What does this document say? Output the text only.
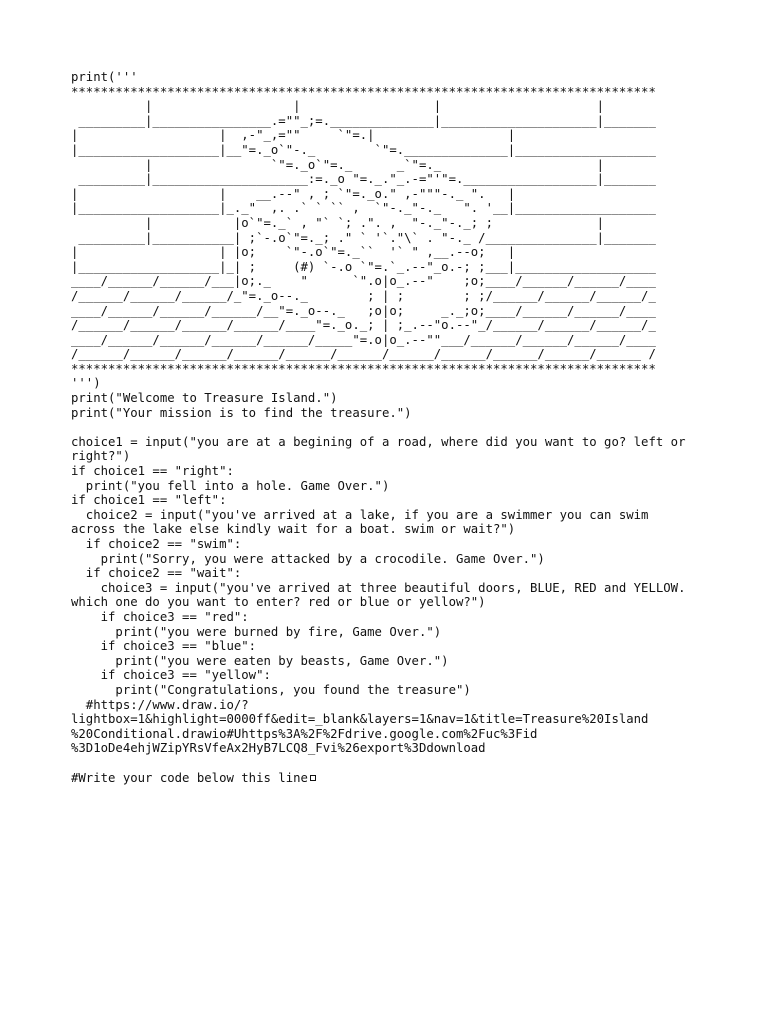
print('''
*******************************************************************************
|                   |                  |                     |
_________|________________.=""_;=.______________|_____________________|_______
|                   |  ,-"_,=""     `"=.|                  |
|___________________|__"=._o`"-._        `"=.______________|___________________
|                `"=._o`"=._      _`"=._                     |
_________|_____________________:=._o "=._."_.-="'"=.__________________|_______
|                   |    __.--" , ; `"=._o." ,-"""-._ ".   |
|___________________|_._"  ,. .` ` `` ,  `"-._"-._   ". '__|___________________
|           |o`"=._` , "` `; .". ,  "-._"-._; ;              |
_________|___________| ;`-.o`"=._; ." ` '`."\` . "-._ /_______________|_______
|                   | |o;    `"-.o`"=._``  '` " ,__.--o;   |
|___________________|_| ;     (#) `-.o `"=.`_.--"_o.-; ;___|___________________
____/______/______/___|o;._    "      `".o|o_.--"    ;o;____/______/______/____
/______/______/______/_"=._o--._        ; | ;        ; ;/______/______/______/_
____/______/______/______/__"=._o--._   ;o|o;     _._;o;____/______/______/____
/______/______/______/______/____"=._o._; | ;_.--"o.--"_/______/______/______/_
____/______/______/______/______/_____"=.o|o_.--""___/______/______/______/____
/______/______/______/______/______/______/______/______/______/______/______ /
*******************************************************************************
''')
print("Welcome to Treasure Island.")
print("Your mission is to find the treasure.")
choice1 = input("you are at a begining of a road, where did you want to go? left or
right?")
if choice1 == "right":
print("you fell into a hole. Game Over.")
if choice1 == "left":
choice2 = input("you've arrived at a lake, if you are a swimmer you can swim
across the lake else kindly wait for a boat. swim or wait?")
if choice2 == "swim":
print("Sorry, you were attacked by a crocodile. Game Over.")
if choice2 == "wait":
choice3 = input("you've arrived at three beautiful doors, BLUE, RED and YELLOW.
which one do you want to enter? red or blue or yellow?")
if choice3 == "red":
print("you were burned by fire, Game Over.")
if choice3 == "blue":
print("you were eaten by beasts, Game Over.")
if choice3 == "yellow":
print("Congratulations, you found the treasure")
#https://www.draw.io/?
lightbox=1&highlight=0000ff&edit=_blank&layers=1&nav=1&title=Treasure%20Island
%20Conditional.drawio#Uhttps%3A%2F%2Fdrive.google.com%2Fuc%3Fid
%3D1oDe4ehjWZipYRsVfeAx2HyB7LCQ8_Fvi%26export%3Ddownload
#Write your code below this line
